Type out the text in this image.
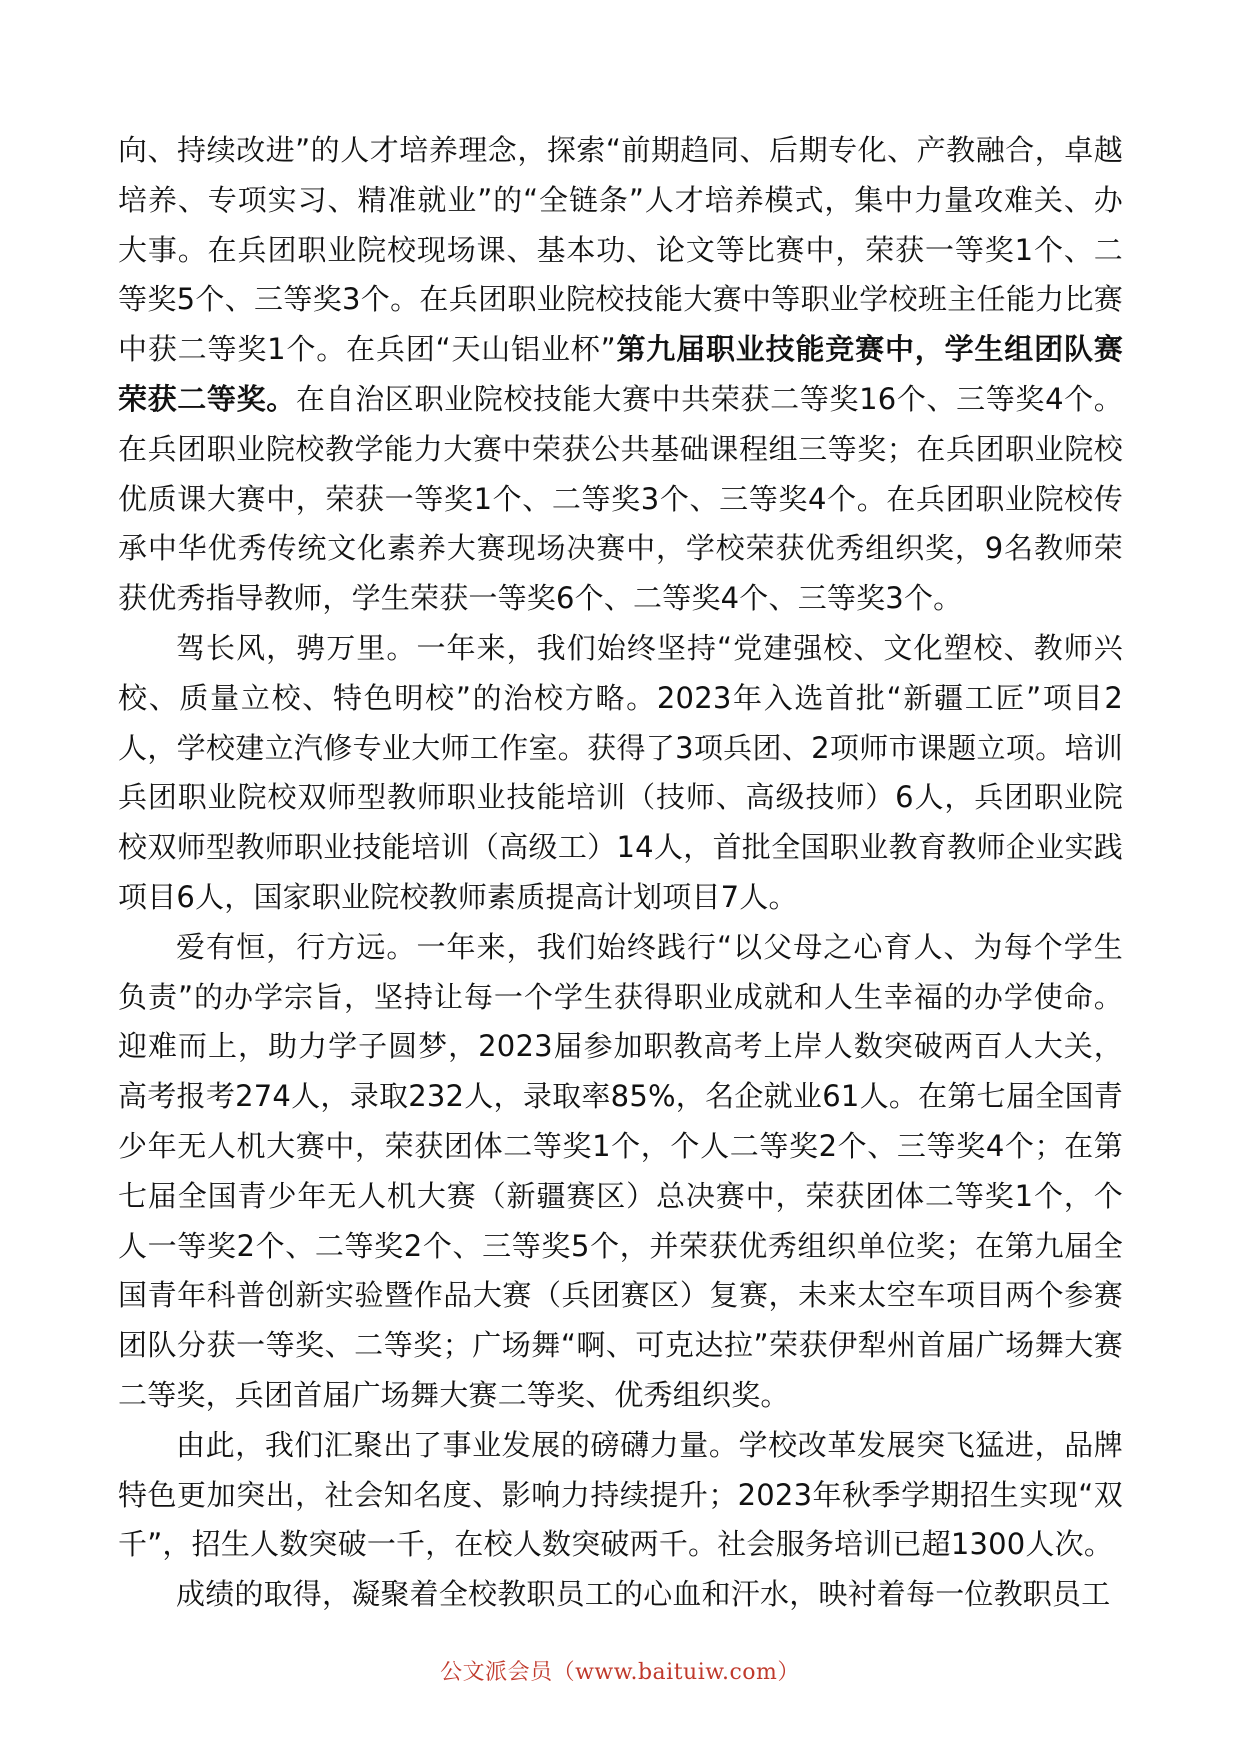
向、持续改进”的人才培养理念，探索“前期趋同、后期专化、产教融合，卓越培养、专项实习、精准就业”的“全链条”人才培养模式，集中力量攻难关、办大事。在兵团职业院校现场课、基本功、论文等比赛中，荣获一等奖1个、二等奖5个、三等奖3个。在兵团职业院校技能大赛中等职业学校班主任能力比赛中获二等奖1个。在兵团“天山铝业杯”第九届职业技能竞赛中，学生组团队赛荣获二等奖。在自治区职业院校技能大赛中共荣获二等奖16个、三等奖4个。在兵团职业院校教学能力大赛中荣获公共基础课程组三等奖；在兵团职业院校优质课大赛中，荣获一等奖1个、二等奖3个、三等奖4个。在兵团职业院校传承中华优秀传统文化素养大赛现场决赛中，学校荣获优秀组织奖，9名教师荣获优秀指导教师，学生荣获一等奖6个、二等奖4个、三等奖3个。

驾长风，骋万里。一年来，我们始终坚持“党建强校、文化塑校、教师兴校、质量立校、特色明校”的治校方略。2023年入选首批“新疆工匠”项目2人，学校建立汽修专业大师工作室。获得了3项兵团、2项师市课题立项。培训兵团职业院校双师型教师职业技能培训（技师、高级技师）6人，兵团职业院校双师型教师职业技能培训（高级工）14人，首批全国职业教育教师企业实践项目6人，国家职业院校教师素质提高计划项目7人。

爱有恒，行方远。一年来，我们始终践行“以父母之心育人、为每个学生负责”的办学宗旨，坚持让每一个学生获得职业成就和人生幸福的办学使命。迎难而上，助力学子圆梦，2023届参加职教高考上岸人数突破两百人大关，高考报考274人，录取232人，录取率85%，名企就业61人。在第七届全国青少年无人机大赛中，荣获团体二等奖1个，个人二等奖2个、三等奖4个；在第七届全国青少年无人机大赛（新疆赛区）总决赛中，荣获团体二等奖1个，个人一等奖2个、二等奖2个、三等奖5个，并荣获优秀组织单位奖；在第九届全国青年科普创新实验暨作品大赛（兵团赛区）复赛，未来太空车项目两个参赛团队分获一等奖、二等奖；广场舞“啊、可克达拉”荣获伊犁州首届广场舞大赛二等奖，兵团首届广场舞大赛二等奖、优秀组织奖。

由此，我们汇聚出了事业发展的磅礴力量。学校改革发展突飞猛进，品牌特色更加突出，社会知名度、影响力持续提升；2023年秋季学期招生实现“双千”，招生人数突破一千，在校人数突破两千。社会服务培训已超1300人次。

成绩的取得，凝聚着全校教职员工的心血和汗水，映衬着每一位教职员工

公文派会员（www.baituiw.com）
